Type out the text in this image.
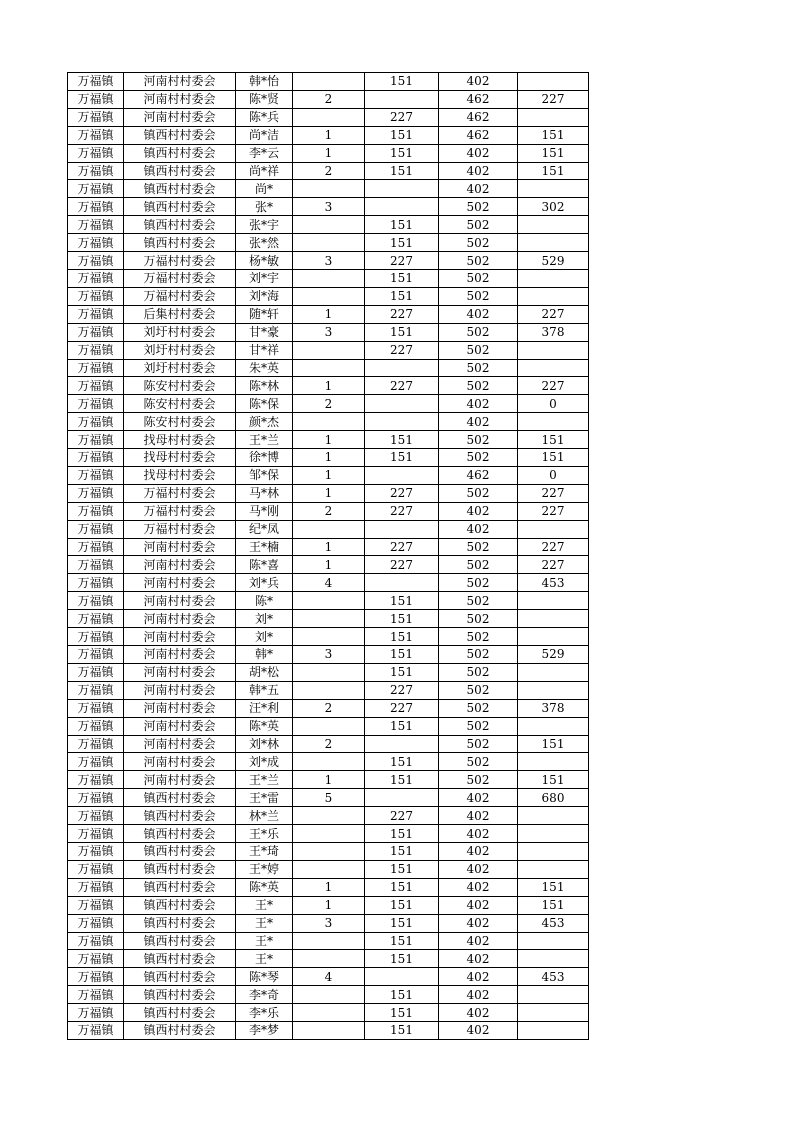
万福镇	河南村村委会	韩*怡		151	402	
万福镇	河南村村委会	陈*贤	2		462	227
万福镇	河南村村委会	陈*兵		227	462	
万福镇	镇西村村委会	尚*洁	1	151	462	151
万福镇	镇西村村委会	李*云	1	151	402	151
万福镇	镇西村村委会	尚*祥	2	151	402	151
万福镇	镇西村村委会	尚*			402	
万福镇	镇西村村委会	张*	3		502	302
万福镇	镇西村村委会	张*宇		151	502	
万福镇	镇西村村委会	张*然		151	502	
万福镇	万福村村委会	杨*敏	3	227	502	529
万福镇	万福村村委会	刘*宇		151	502	
万福镇	万福村村委会	刘*海		151	502	
万福镇	后集村村委会	随*轩	1	227	402	227
万福镇	刘圩村村委会	甘*豪	3	151	502	378
万福镇	刘圩村村委会	甘*祥		227	502	
万福镇	刘圩村村委会	朱*英			502	
万福镇	陈安村村委会	陈*林	1	227	502	227
万福镇	陈安村村委会	陈*保	2		402	0
万福镇	陈安村村委会	颜*杰			402	
万福镇	找母村村委会	王*兰	1	151	502	151
万福镇	找母村村委会	徐*博	1	151	502	151
万福镇	找母村村委会	邹*保	1		462	0
万福镇	万福村村委会	马*林	1	227	502	227
万福镇	万福村村委会	马*刚	2	227	402	227
万福镇	万福村村委会	纪*凤			402	
万福镇	河南村村委会	王*楠	1	227	502	227
万福镇	河南村村委会	陈*喜	1	227	502	227
万福镇	河南村村委会	刘*兵	4		502	453
万福镇	河南村村委会	陈*		151	502	
万福镇	河南村村委会	刘*		151	502	
万福镇	河南村村委会	刘*		151	502	
万福镇	河南村村委会	韩*	3	151	502	529
万福镇	河南村村委会	胡*松		151	502	
万福镇	河南村村委会	韩*五		227	502	
万福镇	河南村村委会	汪*利	2	227	502	378
万福镇	河南村村委会	陈*英		151	502	
万福镇	河南村村委会	刘*林	2		502	151
万福镇	河南村村委会	刘*成		151	502	
万福镇	河南村村委会	王*兰	1	151	502	151
万福镇	镇西村村委会	王*雷	5		402	680
万福镇	镇西村村委会	林*兰		227	402	
万福镇	镇西村村委会	王*乐		151	402	
万福镇	镇西村村委会	王*琦		151	402	
万福镇	镇西村村委会	王*婷		151	402	
万福镇	镇西村村委会	陈*英	1	151	402	151
万福镇	镇西村村委会	王*	1	151	402	151
万福镇	镇西村村委会	王*	3	151	402	453
万福镇	镇西村村委会	王*		151	402	
万福镇	镇西村村委会	王*		151	402	
万福镇	镇西村村委会	陈*琴	4		402	453
万福镇	镇西村村委会	李*奇		151	402	
万福镇	镇西村村委会	李*乐		151	402	
万福镇	镇西村村委会	李*梦		151	402	
